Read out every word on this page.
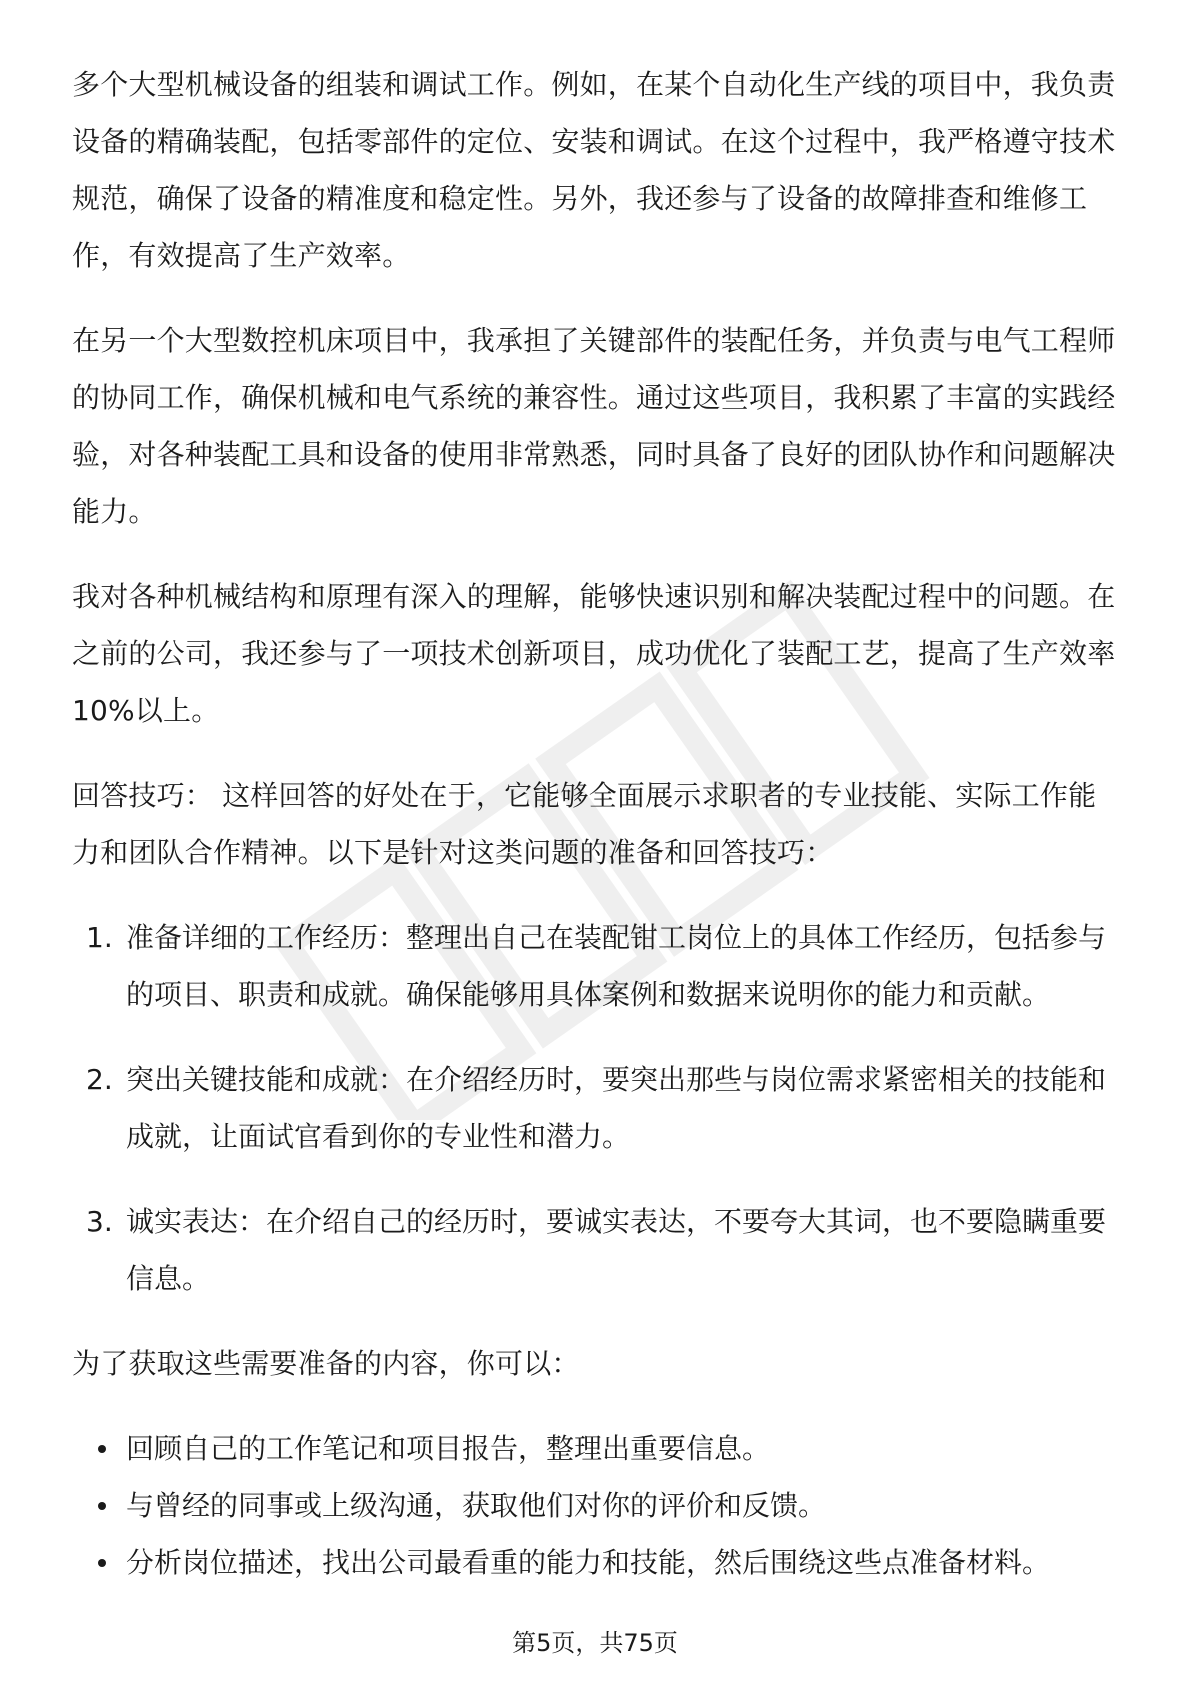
多个大型机械设备的组装和调试工作。例如，在某个自动化生产线的项目中，我负责设备的精确装配，包括零部件的定位、安装和调试。在这个过程中，我严格遵守技术规范，确保了设备的精准度和稳定性。另外，我还参与了设备的故障排查和维修工作，有效提高了生产效率。

在另一个大型数控机床项目中，我承担了关键部件的装配任务，并负责与电气工程师的协同工作，确保机械和电气系统的兼容性。通过这些项目，我积累了丰富的实践经验，对各种装配工具和设备的使用非常熟悉，同时具备了良好的团队协作和问题解决能力。

我对各种机械结构和原理有深入的理解，能够快速识别和解决装配过程中的问题。在之前的公司，我还参与了一项技术创新项目，成功优化了装配工艺，提高了生产效率10%以上。

回答技巧： 这样回答的好处在于，它能够全面展示求职者的专业技能、实际工作能力和团队合作精神。以下是针对这类问题的准备和回答技巧：

1. 准备详细的工作经历：整理出自己在装配钳工岗位上的具体工作经历，包括参与的项目、职责和成就。确保能够用具体案例和数据来说明你的能力和贡献。
2. 突出关键技能和成就：在介绍经历时，要突出那些与岗位需求紧密相关的技能和成就，让面试官看到你的专业性和潜力。
3. 诚实表达：在介绍自己的经历时，要诚实表达，不要夸大其词，也不要隐瞒重要信息。

为了获取这些需要准备的内容，你可以：

回顾自己的工作笔记和项目报告，整理出重要信息。
与曾经的同事或上级沟通，获取他们对你的评价和反馈。
分析岗位描述，找出公司最看重的能力和技能，然后围绕这些点准备材料。
第5页，共75页
